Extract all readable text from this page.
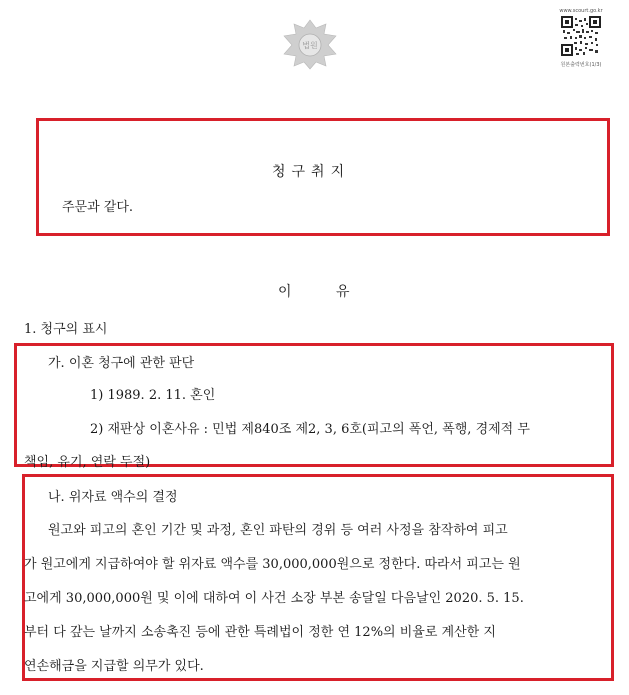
법원
www.scourt.go.kr
원본출력번호(1/3)
청구취지
주문과 같다.
이          유
1. 청구의 표시
가. 이혼 청구에 관한 판단
1) 1989. 2. 11. 혼인
2) 재판상 이혼사유 : 민법 제840조 제2, 3, 6호(피고의 폭언, 폭행, 경제적 무
책임, 유기, 연락 두절)
나. 위자료 액수의 결정
원고와 피고의 혼인 기간 및 과정, 혼인 파탄의 경위 등 여러 사정을 참작하여 피고
가 원고에게 지급하여야 할 위자료 액수를 30,000,000원으로 정한다. 따라서 피고는 원
고에게 30,000,000원 및 이에 대하여 이 사건 소장 부본 송달일 다음날인 2020. 5. 15.
부터 다 갚는 날까지 소송촉진 등에 관한 특례법이 정한 연 12%의 비율로 계산한 지
연손해금을 지급할 의무가 있다.
